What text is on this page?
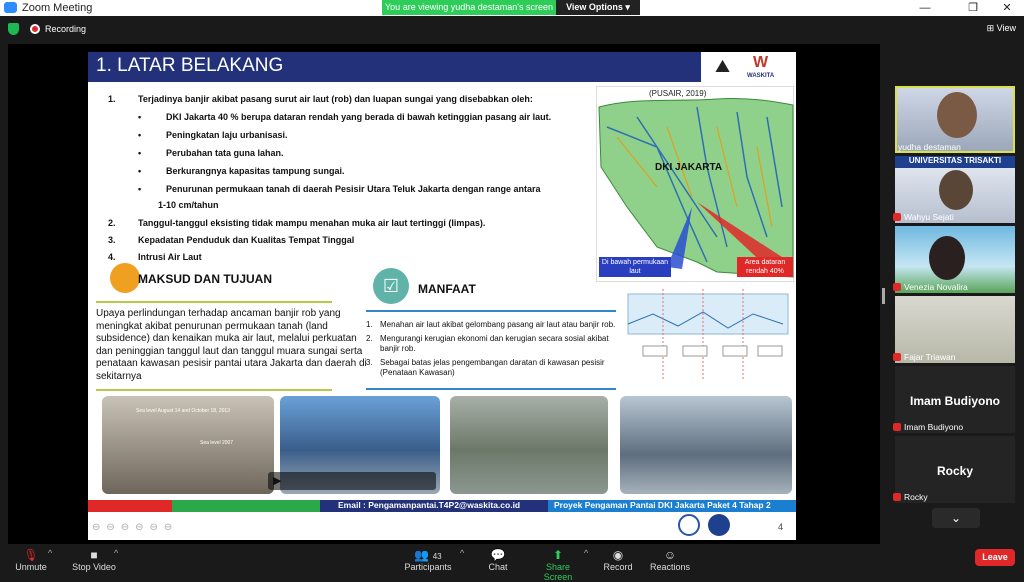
Zoom Meeting	—	❐	✕
You are viewing yudha destaman's screen	View Options ▾
Recording	⊞ View
1. LATAR BELAKANG	⛰ W
WASKITA
1. Terjadinya banjir akibat pasang surut air laut (rob) dan luapan sungai yang disebabkan oleh:
•	DKI Jakarta 40 % berupa dataran rendah yang berada di bawah ketinggian pasang air laut.
•	Peningkatan laju urbanisasi.
•	Perubahan tata guna lahan.
•	Berkurangnya kapasitas tampung sungai.
•	Penurunan permukaan tanah di daerah Pesisir Utara Teluk Jakarta dengan range antara
1-10 cm/tahun
2. Tanggul-tanggul eksisting tidak mampu menahan muka air laut tertinggi (limpas).
3. Kepadatan Penduduk dan Kualitas Tempat Tinggal
4. Intrusi Air Laut
(PUSAIR, 2019)
DKI JAKARTA
Di bawah permukaan laut
Area dataran rendah 40%
MAKSUD DAN TUJUAN
Upaya perlindungan terhadap ancaman banjir rob yang meningkat akibat penurunan permukaan tanah (land subsidence) dan kenaikan muka air laut, melalui perkuatan dan peninggian tanggul laut dan tanggul muara sungai serta penataan kawasan pesisir pantai utara Jakarta dan daerah di sekitarnya
☑	MANFAAT
1. Menahan air laut akibat gelombang pasang air laut atau banjir rob.
2. Mengurangi kerugian ekonomi dan kerugian secara sosial akibat banjir rob.
3. Sebagai batas jelas pengembangan daratan di kawasan pesisir (Penataan Kawasan)
Sea level August 14 and October 18, 2013
Sea level 2007
▶
Email : Pengamanpantai.T4P2@waskita.co.id	Proyek Pengaman Pantai DKI Jakarta Paket 4 Tahap 2
⊖⊖⊖⊖⊖⊖	4
yudha destaman
UNIVERSITAS TRISAKTI
Wahyu Sejati
Venezia Novalira
Fajar Triawan
Imam Budiyono
Imam Budiyono
Rocky
Rocky
⌄
🎙
Unmute
^	■
Stop Video
^	👥 43
Participants
^	💬
Chat
⬆
Share Screen
^	◉
Record
☺
Reactions
Leave
